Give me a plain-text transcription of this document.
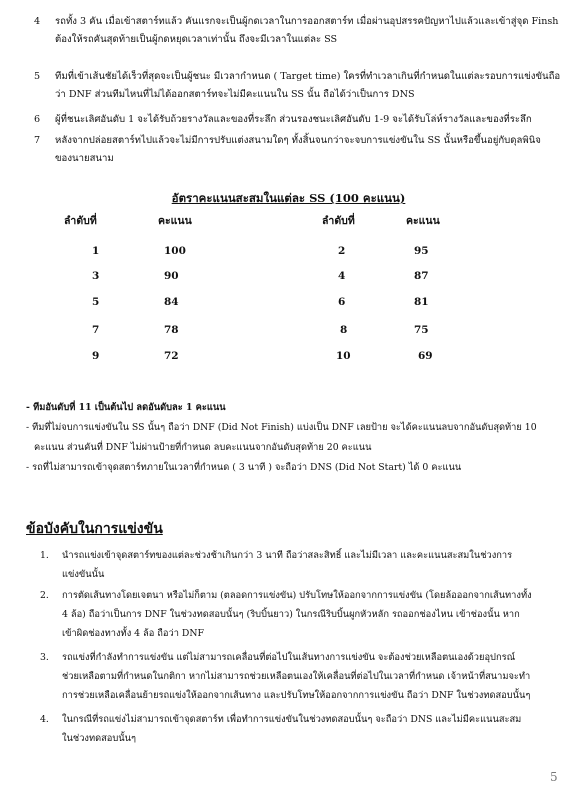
4	รถทั้ง 3 คัน เมื่อเข้าสตาร์ทแล้ว คันแรกจะเป็นผู้กดเวลาในการออกสตาร์ท เมื่อผ่านอุปสรรคปัญหาไปแล้วและเข้าสู่จุด Finsh
ต้องให้รถคันสุดท้ายเป็นผู้กดหยุดเวลาเท่านั้น ถึงจะมีเวลาในแต่ละ SS
5	ทีมที่เข้าเส้นชัยได้เร็วที่สุดจะเป็นผู้ชนะ มีเวลากำหนด ( Target time) ใครที่ทำเวลาเกินที่กำหนดในแต่ละรอบการแข่งขันถือ
ว่า DNF ส่วนทีมไหนที่ไม่ได้ออกสตาร์ทจะไม่มีคะแนนใน SS นั้น ถือได้ว่าเป็นการ DNS
6	ผู้ที่ชนะเลิศอันดับ 1 จะได้รับถ้วยรางวัลและของที่ระลึก ส่วนรองชนะเลิศอันดับ 1-9 จะได้รับโล่ห์รางวัลและของที่ระลึก
7	หลังจากปล่อยสตาร์ทไปแล้วจะไม่มีการปรับแต่งสนามใดๆ ทั้งสิ้นจนกว่าจะจบการแข่งขันใน SS นั้นหรือขึ้นอยู่กับดุลพินิจ
ของนายสนาม
อัตราคะแนนสะสมในแต่ละ SS (100 คะแนน)
ลำดับที่	คะแนน	ลำดับที่	คะแนน
1	100	2	95
3	90	4	87
5	84	6	81
7	78	8	75
9	72	10	69
- ทีมอันดับที่ 11 เป็นต้นไป ลดอันดับละ 1 คะแนน
- ทีมที่ไม่จบการแข่งขันใน SS นั้นๆ ถือว่า DNF (Did Not Finish) แบ่งเป็น DNF เลยป้าย จะได้คะแนนลบจากอันดับสุดท้าย 10
คะแนน ส่วนคันที่ DNF ไม่ผ่านป้ายที่กำหนด ลบคะแนนจากอันดับสุดท้าย 20 คะแนน
- รถที่ไม่สามารถเข้าจุดสตาร์ทภายในเวลาที่กำหนด ( 3 นาที ) จะถือว่า DNS (Did Not Start) ได้ 0 คะแนน
ข้อบังคับในการแข่งขัน
1. นำรถแข่งเข้าจุดสตาร์ทของแต่ละช่วงช้าเกินกว่า 3 นาที ถือว่าสละสิทธิ์ และไม่มีเวลา และคะแนนสะสมในช่วงการ
แข่งขันนั้น
2. การตัดเส้นทางโดยเจตนา หรือไม่ก็ตาม (ตลอดการแข่งขัน) ปรับโทษให้ออกจากการแข่งขัน (โดยล้อออกจากเส้นทางทั้ง
4 ล้อ) ถือว่าเป็นการ DNF ในช่วงทดสอบนั้นๆ (ริบบิ้นยาว) ในกรณีริบบิ้นผูกหัวหลัก รถออกช่องไหน เข้าช่องนั้น หาก
เข้าผิดช่องทางทั้ง 4 ล้อ ถือว่า DNF
3. รถแข่งที่กำลังทำการแข่งขัน แต่ไม่สามารถเคลื่อนที่ต่อไปในเส้นทางการแข่งขัน จะต้องช่วยเหลือตนเองด้วยอุปกรณ์
ช่วยเหลือตามที่กำหนดในกติกา หากไม่สามารถช่วยเหลือตนเองให้เคลื่อนที่ต่อไปในเวลาที่กำหนด เจ้าหน้าที่สนามจะทำ
การช่วยเหลือเคลื่อนย้ายรถแข่งให้ออกจากเส้นทาง และปรับโทษให้ออกจากการแข่งขัน ถือว่า DNF ในช่วงทดสอบนั้นๆ
4. ในกรณีที่รถแข่งไม่สามารถเข้าจุดสตาร์ท เพื่อทำการแข่งขันในช่วงทดสอบนั้นๆ จะถือว่า DNS และไม่มีคะแนนสะสม
ในช่วงทดสอบนั้นๆ
5
